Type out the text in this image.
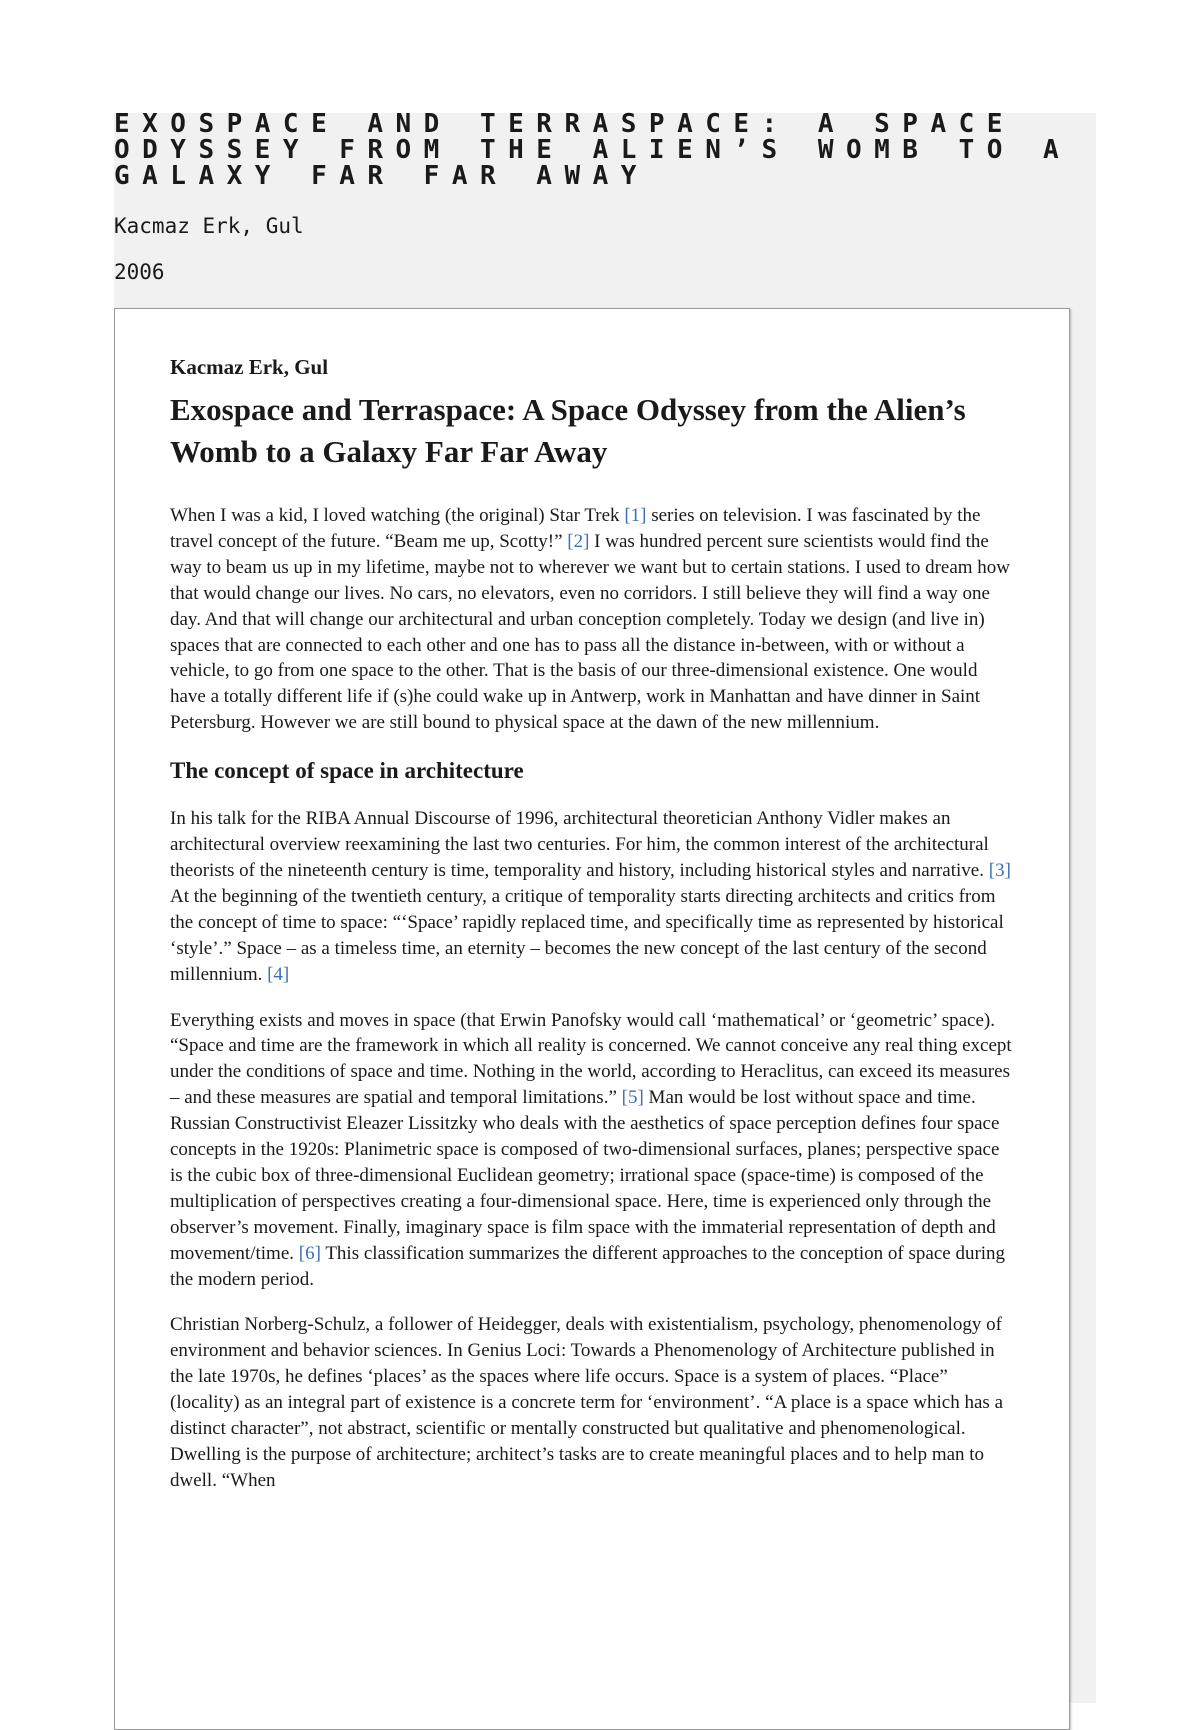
EXOSPACE AND TERRASPACE: A SPACE ODYSSEY FROM THE ALIEN’S WOMB TO A GALAXY FAR FAR AWAY

Kacmaz Erk, Gul

2006

Kacmaz Erk, Gul

Exospace and Terraspace: A Space Odyssey from the Alien’s Womb to a Galaxy Far Far Away

When I was a kid, I loved watching (the original) Star Trek [1] series on television. I was fascinated by the travel concept of the future. “Beam me up, Scotty!” [2] I was hundred percent sure scientists would find the way to beam us up in my lifetime, maybe not to wherever we want but to certain stations. I used to dream how that would change our lives. No cars, no elevators, even no corridors. I still believe they will find a way one day. And that will change our architectural and urban conception completely. Today we design (and live in) spaces that are connected to each other and one has to pass all the distance in-between, with or without a vehicle, to go from one space to the other. That is the basis of our three-dimensional existence. One would have a totally different life if (s)he could wake up in Antwerp, work in Manhattan and have dinner in Saint Petersburg. However we are still bound to physical space at the dawn of the new millennium.

The concept of space in architecture

In his talk for the RIBA Annual Discourse of 1996, architectural theoretician Anthony Vidler makes an architectural overview reexamining the last two centuries. For him, the common interest of the architectural theorists of the nineteenth century is time, temporality and history, including historical styles and narrative. [3] At the beginning of the twentieth century, a critique of temporality starts directing architects and critics from the concept of time to space: “‘Space’ rapidly replaced time, and specifically time as represented by historical ‘style’.” Space – as a timeless time, an eternity – becomes the new concept of the last century of the second millennium. [4]

Everything exists and moves in space (that Erwin Panofsky would call ‘mathematical’ or ‘geometric’ space). “Space and time are the framework in which all reality is concerned. We cannot conceive any real thing except under the conditions of space and time. Nothing in the world, according to Heraclitus, can exceed its measures – and these measures are spatial and temporal limitations.” [5] Man would be lost without space and time. Russian Constructivist Eleazer Lissitzky who deals with the aesthetics of space perception defines four space concepts in the 1920s: Planimetric space is composed of two-dimensional surfaces, planes; perspective space is the cubic box of three-dimensional Euclidean geometry; irrational space (space-time) is composed of the multiplication of perspectives creating a four-dimensional space. Here, time is experienced only through the observer’s movement. Finally, imaginary space is film space with the immaterial representation of depth and movement/time. [6] This classification summarizes the different approaches to the conception of space during the modern period.

Christian Norberg-Schulz, a follower of Heidegger, deals with existentialism, psychology, phenomenology of environment and behavior sciences. In Genius Loci: Towards a Phenomenology of Architecture published in the late 1970s, he defines ‘places’ as the spaces where life occurs. Space is a system of places. “Place” (locality) as an integral part of existence is a concrete term for ‘environment’. “A place is a space which has a distinct character”, not abstract, scientific or mentally constructed but qualitative and phenomenological. Dwelling is the purpose of architecture; architect’s tasks are to create meaningful places and to help man to dwell. “When
